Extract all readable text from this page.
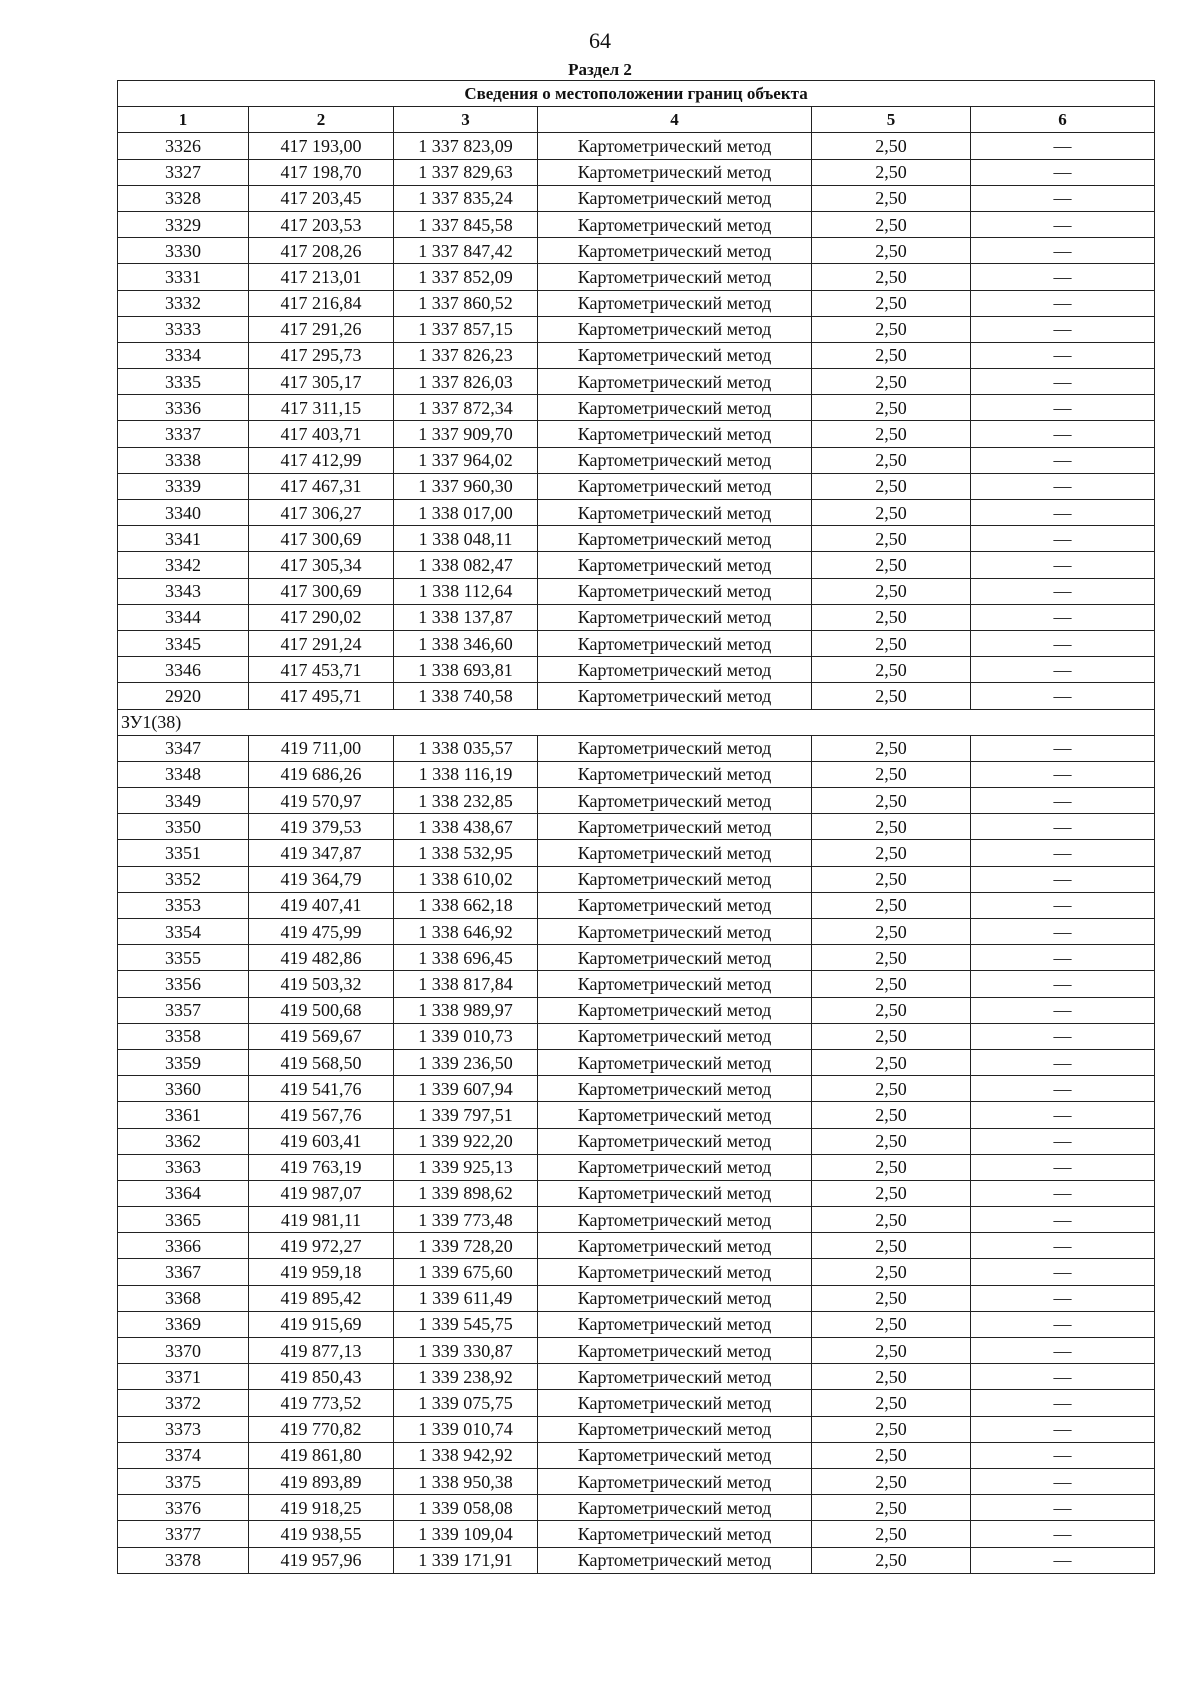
64
Раздел 2
Сведения о местоположении границ объекта					
1	2	3	4	5	6
3326	417 193,00	1 337 823,09	Картометрический метод	2,50	—
3327	417 198,70	1 337 829,63	Картометрический метод	2,50	—
3328	417 203,45	1 337 835,24	Картометрический метод	2,50	—
3329	417 203,53	1 337 845,58	Картометрический метод	2,50	—
3330	417 208,26	1 337 847,42	Картометрический метод	2,50	—
3331	417 213,01	1 337 852,09	Картометрический метод	2,50	—
3332	417 216,84	1 337 860,52	Картометрический метод	2,50	—
3333	417 291,26	1 337 857,15	Картометрический метод	2,50	—
3334	417 295,73	1 337 826,23	Картометрический метод	2,50	—
3335	417 305,17	1 337 826,03	Картометрический метод	2,50	—
3336	417 311,15	1 337 872,34	Картометрический метод	2,50	—
3337	417 403,71	1 337 909,70	Картометрический метод	2,50	—
3338	417 412,99	1 337 964,02	Картометрический метод	2,50	—
3339	417 467,31	1 337 960,30	Картометрический метод	2,50	—
3340	417 306,27	1 338 017,00	Картометрический метод	2,50	—
3341	417 300,69	1 338 048,11	Картометрический метод	2,50	—
3342	417 305,34	1 338 082,47	Картометрический метод	2,50	—
3343	417 300,69	1 338 112,64	Картометрический метод	2,50	—
3344	417 290,02	1 338 137,87	Картометрический метод	2,50	—
3345	417 291,24	1 338 346,60	Картометрический метод	2,50	—
3346	417 453,71	1 338 693,81	Картометрический метод	2,50	—
2920	417 495,71	1 338 740,58	Картометрический метод	2,50	—
ЗУ1(38)					
3347	419 711,00	1 338 035,57	Картометрический метод	2,50	—
3348	419 686,26	1 338 116,19	Картометрический метод	2,50	—
3349	419 570,97	1 338 232,85	Картометрический метод	2,50	—
3350	419 379,53	1 338 438,67	Картометрический метод	2,50	—
3351	419 347,87	1 338 532,95	Картометрический метод	2,50	—
3352	419 364,79	1 338 610,02	Картометрический метод	2,50	—
3353	419 407,41	1 338 662,18	Картометрический метод	2,50	—
3354	419 475,99	1 338 646,92	Картометрический метод	2,50	—
3355	419 482,86	1 338 696,45	Картометрический метод	2,50	—
3356	419 503,32	1 338 817,84	Картометрический метод	2,50	—
3357	419 500,68	1 338 989,97	Картометрический метод	2,50	—
3358	419 569,67	1 339 010,73	Картометрический метод	2,50	—
3359	419 568,50	1 339 236,50	Картометрический метод	2,50	—
3360	419 541,76	1 339 607,94	Картометрический метод	2,50	—
3361	419 567,76	1 339 797,51	Картометрический метод	2,50	—
3362	419 603,41	1 339 922,20	Картометрический метод	2,50	—
3363	419 763,19	1 339 925,13	Картометрический метод	2,50	—
3364	419 987,07	1 339 898,62	Картометрический метод	2,50	—
3365	419 981,11	1 339 773,48	Картометрический метод	2,50	—
3366	419 972,27	1 339 728,20	Картометрический метод	2,50	—
3367	419 959,18	1 339 675,60	Картометрический метод	2,50	—
3368	419 895,42	1 339 611,49	Картометрический метод	2,50	—
3369	419 915,69	1 339 545,75	Картометрический метод	2,50	—
3370	419 877,13	1 339 330,87	Картометрический метод	2,50	—
3371	419 850,43	1 339 238,92	Картометрический метод	2,50	—
3372	419 773,52	1 339 075,75	Картометрический метод	2,50	—
3373	419 770,82	1 339 010,74	Картометрический метод	2,50	—
3374	419 861,80	1 338 942,92	Картометрический метод	2,50	—
3375	419 893,89	1 338 950,38	Картометрический метод	2,50	—
3376	419 918,25	1 339 058,08	Картометрический метод	2,50	—
3377	419 938,55	1 339 109,04	Картометрический метод	2,50	—
3378	419 957,96	1 339 171,91	Картометрический метод	2,50	—
